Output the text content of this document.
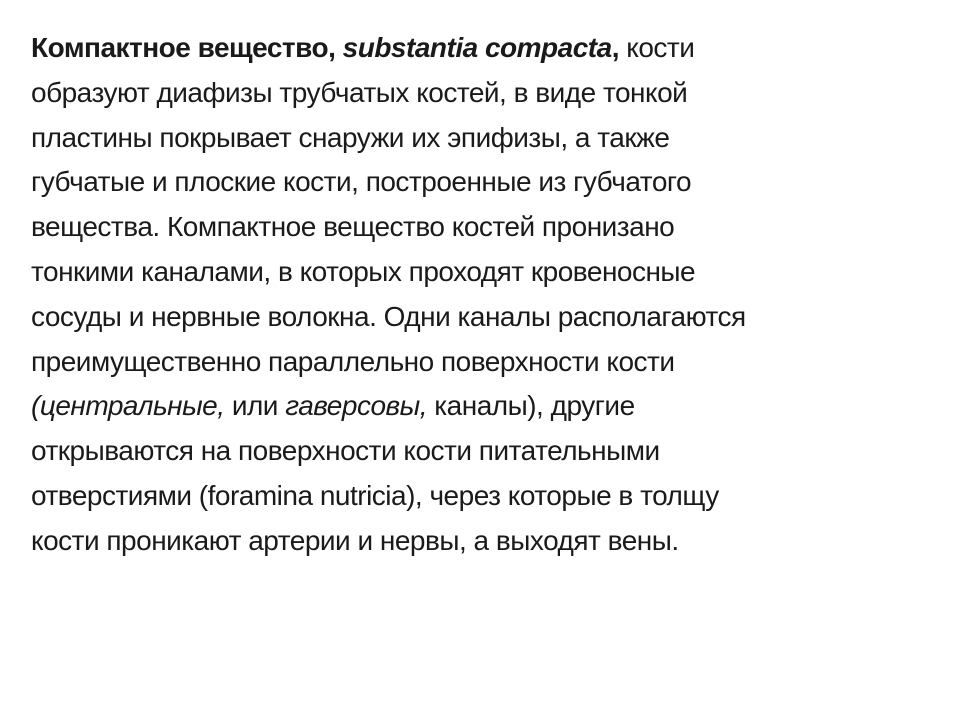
Компактное вещество, substantia compacta, кости
образуют диафизы трубчатых костей, в виде тонкой
пластины покрывает снаружи их эпифизы, а также
губчатые и плоские кости, построенные из губчатого
вещества. Компактное вещество костей пронизано
тонкими каналами, в которых проходят кровеносные
сосуды и нервные волокна. Одни каналы располагаются
преимущественно параллельно поверхности кости
(центральные, или гаверсовы, каналы), другие
открываются на поверхности кости питательными
отверстиями (foramina nutricia), через которые в толщу
кости проникают артерии и нервы, а выходят вены.
